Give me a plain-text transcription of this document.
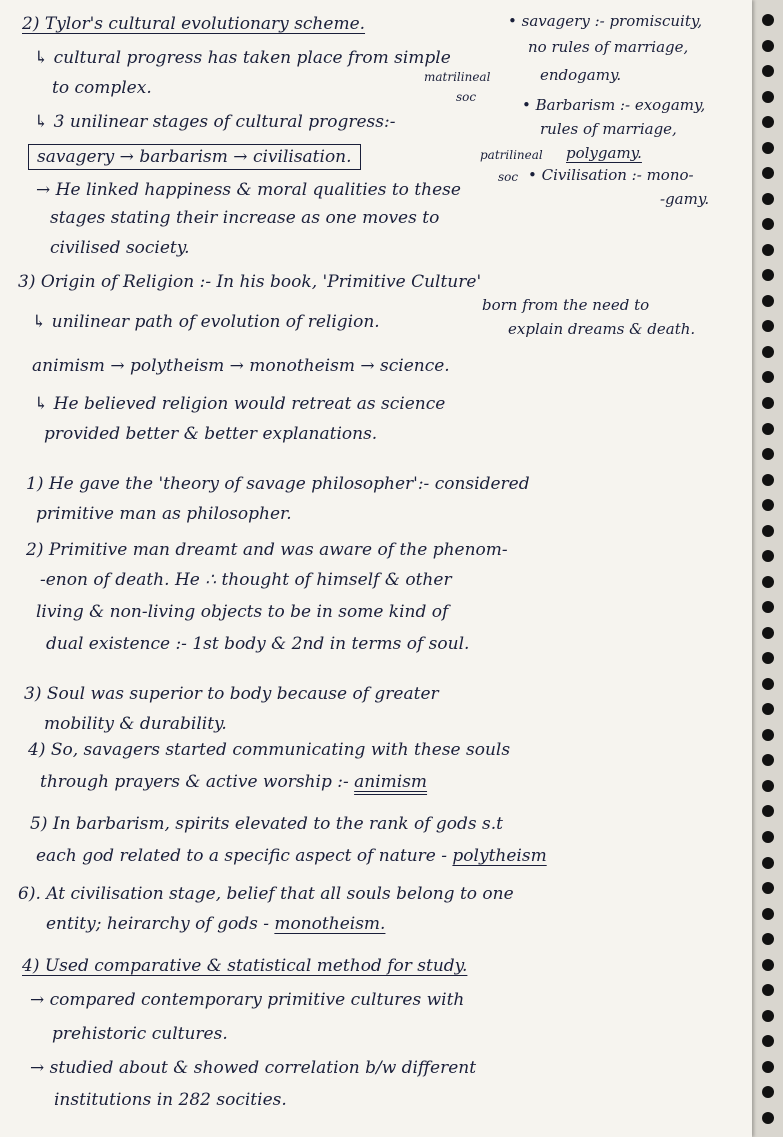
2) Tylor's cultural evolutionary scheme.
↳ cultural progress has taken place from simple
to complex.
↳ 3 unilinear stages of cultural progress:-
savagery → barbarism → civilisation.
→ He linked happiness & moral qualities to these
stages stating their increase as one moves to
civilised society.
• savagery :- promiscuity,
no rules of marriage,
matrilineal
soc
endogamy.
• Barbarism :- exogamy,
rules of marriage,
patrilineal polygamy.
soc • Civilisation :- mono-
-gamy.
3) Origin of Religion :- In his book, 'Primitive Culture'
born from the need to
explain dreams & death.
↳ unilinear path of evolution of religion.
animism → polytheism → monotheism → science.
↳ He believed religion would retreat as science
provided better & better explanations.
1) He gave the 'theory of savage philosopher':- considered
primitive man as philosopher.
2) Primitive man dreamt and was aware of the phenom-
-enon of death. He ∴ thought of himself & other
living & non-living objects to be in some kind of
dual existence :- 1st body & 2nd in terms of soul.
3) Soul was superior to body because of greater
mobility & durability.
4) So, savagers started communicating with these souls
through prayers & active worship :- animism
5) In barbarism, spirits elevated to the rank of gods s.t
each god related to a specific aspect of nature - polytheism
6). At civilisation stage, belief that all souls belong to one
entity; heirarchy of gods - monotheism.
4) Used comparative & statistical method for study.
→ compared contemporary primitive cultures with
prehistoric cultures.
→ studied about & showed correlation b/w different
institutions in 282 socities.
